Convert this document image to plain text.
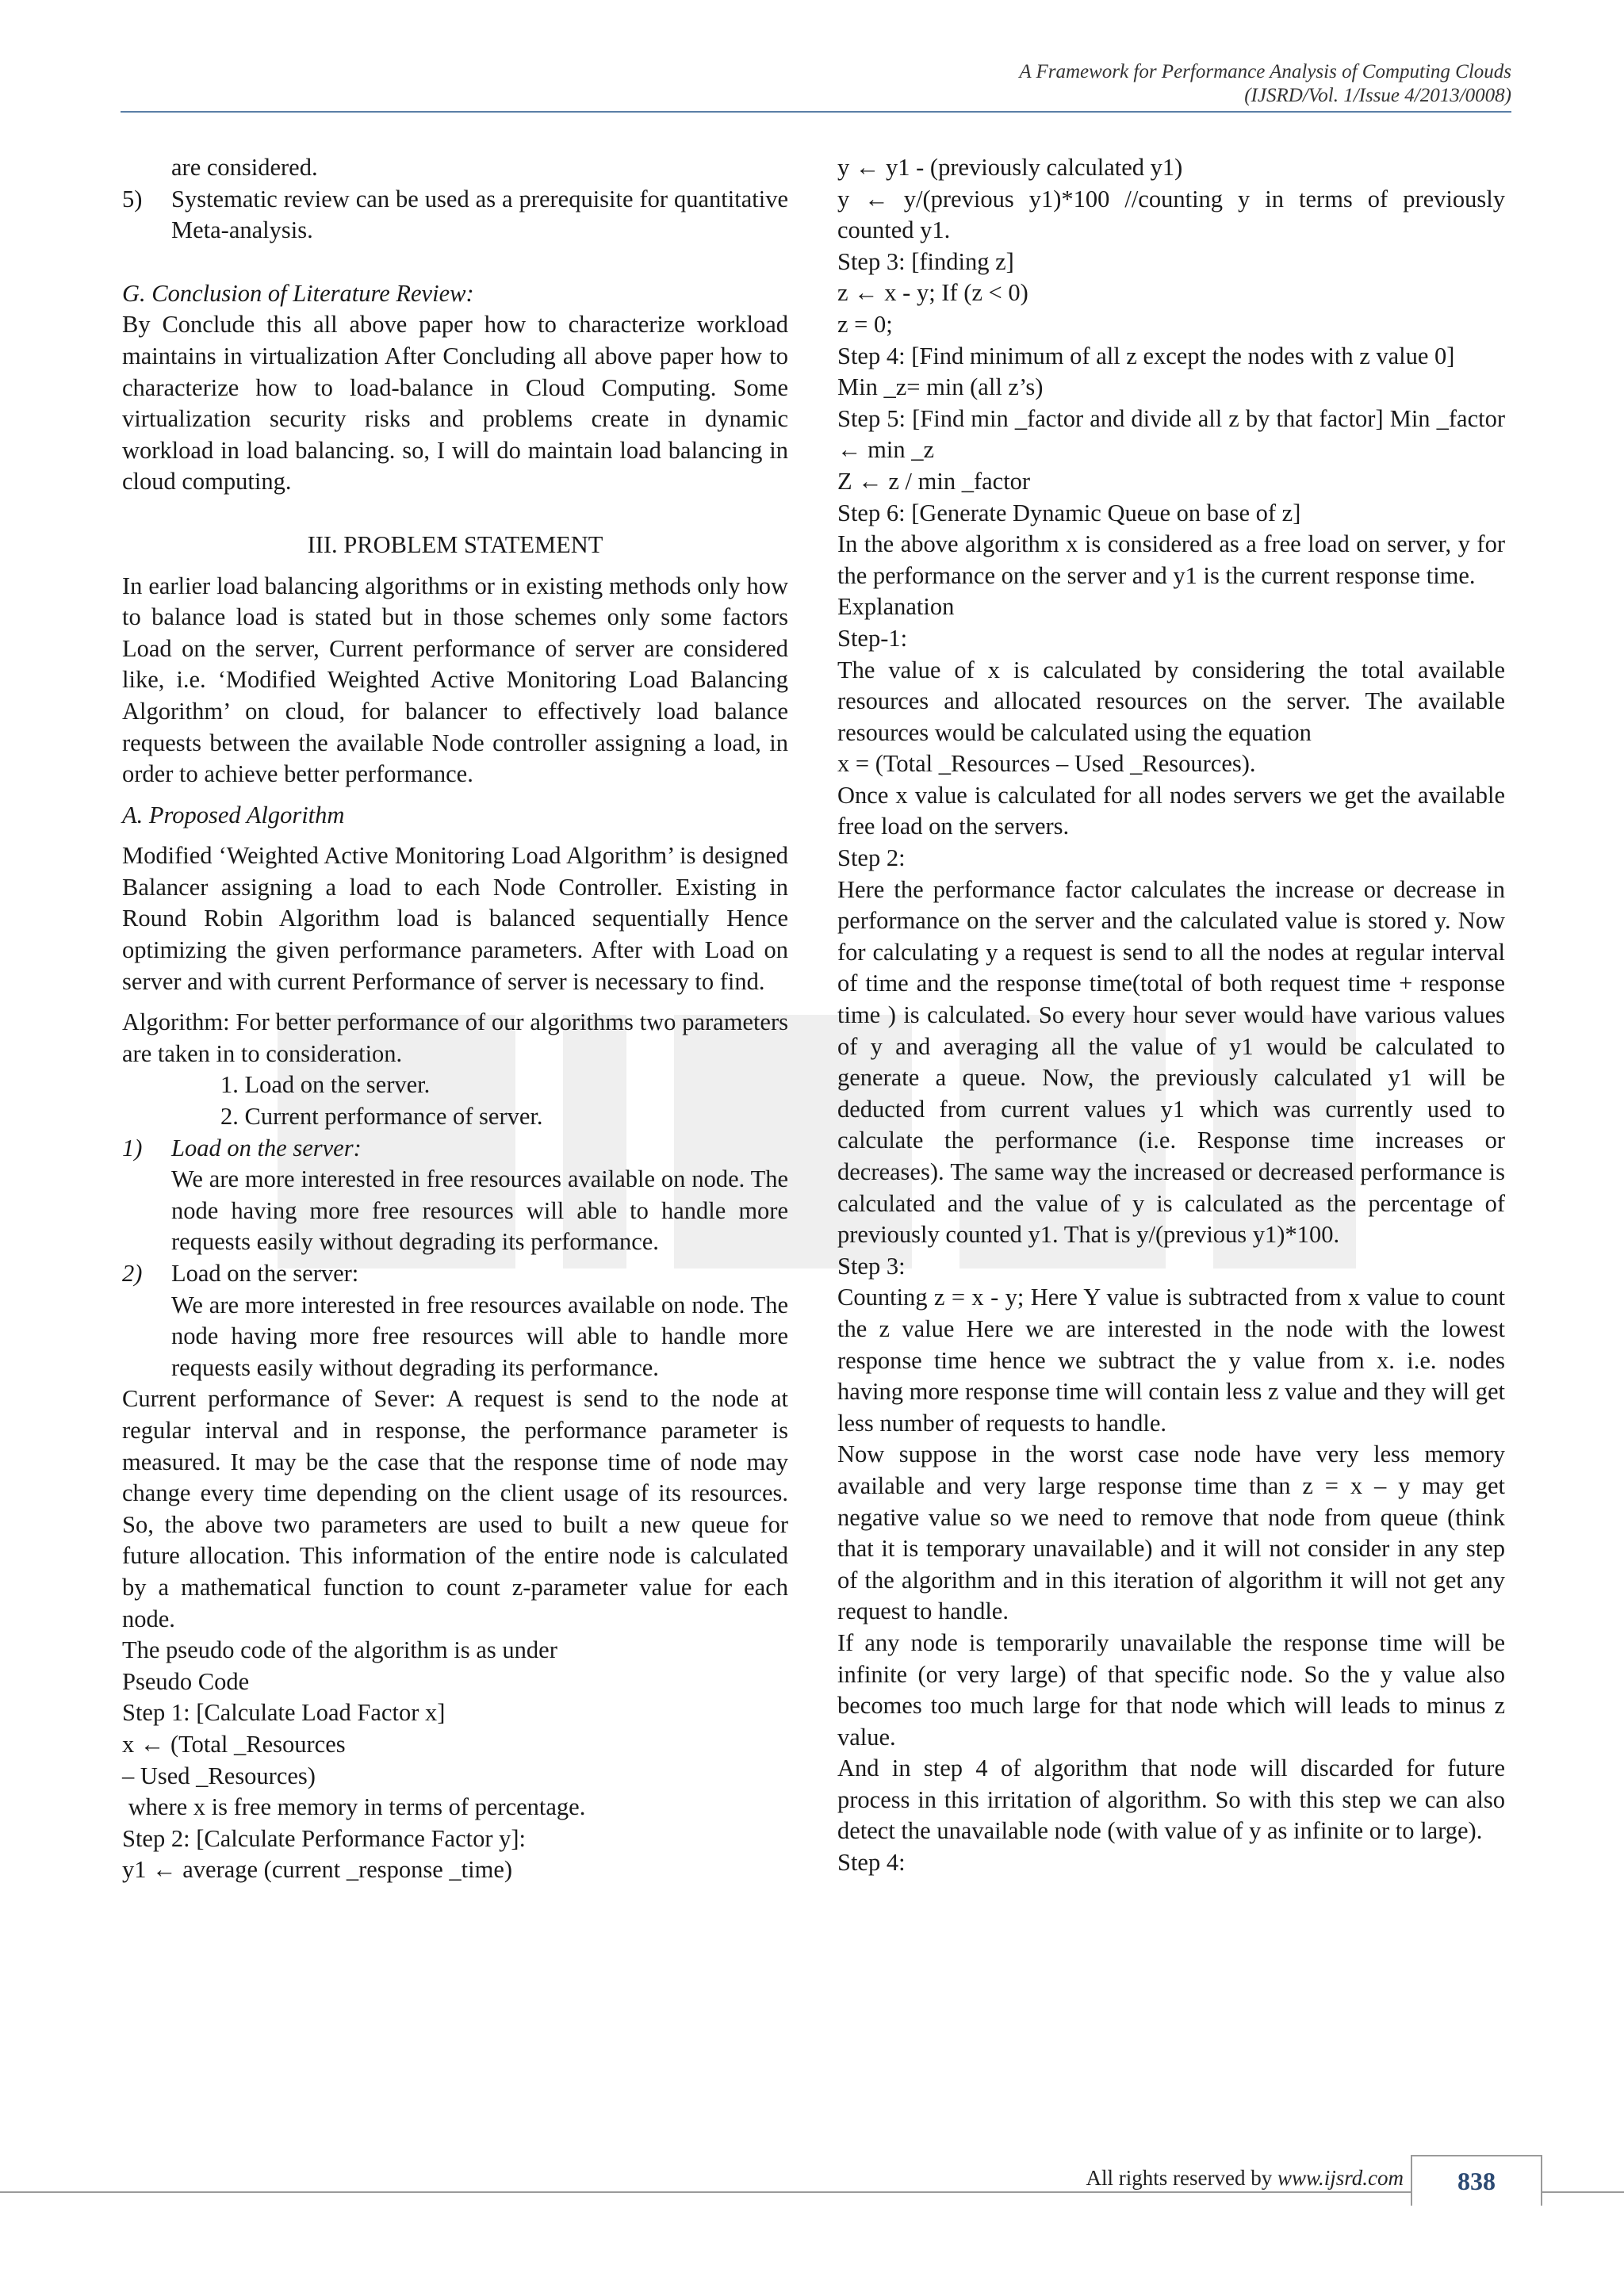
A Framework for Performance Analysis of Computing Clouds
(IJSRD/Vol. 1/Issue 4/2013/0008)

are considered.

5)	Systematic review can be used as a prerequisite for quantitative Meta-analysis.

G. Conclusion of Literature Review:

By Conclude this all above paper how to characterize workload maintains in virtualization After Concluding all above paper how to characterize how to load-balance in Cloud Computing. Some virtualization security risks and problems create in dynamic workload in load balancing. so, I will do maintain load balancing in cloud computing.

III. PROBLEM STATEMENT

In earlier load balancing algorithms or in existing methods only how to balance load is stated but in those schemes only some factors Load on the server, Current performance of server are considered like, i.e. ‘Modified Weighted Active Monitoring Load Balancing Algorithm’ on cloud, for balancer to effectively load balance requests between the available Node controller assigning a load, in order to achieve better performance.

A. Proposed Algorithm

Modified ‘Weighted Active Monitoring Load Algorithm’ is designed Balancer assigning a load to each Node Controller. Existing in Round Robin Algorithm load is balanced sequentially Hence optimizing the given performance parameters. After with Load on server and with current Performance of server is necessary to find.

Algorithm: For better performance of our algorithms two parameters are taken in to consideration.

1. Load on the server.

2. Current performance of server.

1)	Load on the server:

We are more interested in free resources available on node. The node having more free resources will able to handle more requests easily without degrading its performance.

2)	Load on the server:

We are more interested in free resources available on node. The node having more free resources will able to handle more requests easily without degrading its performance.

Current performance of Sever: A request is send to the node at regular interval and in response, the performance parameter is measured. It may be the case that the response time of node may change every time depending on the client usage of its resources. So, the above two parameters are used to built a new queue for future allocation. This information of the entire node is calculated by a mathematical function to count z-parameter value for each node.

The pseudo code of the algorithm is as under

Pseudo Code

Step 1: [Calculate Load Factor x]

x ← (Total _Resources

– Used _Resources)

where x is free memory in terms of percentage.

Step 2: [Calculate Performance Factor y]:

y1 ← average (current _response _time)

y ← y1 - (previously calculated y1)

y ← y/(previous y1)*100 //counting y in terms of previously counted y1.

Step 3: [finding z]

z ← x - y; If (z < 0)

z = 0;

Step 4: [Find minimum of all z except the nodes with z value 0]

Min _z= min (all z’s)

Step 5: [Find min _factor and divide all z by that factor] Min _factor ← min _z

Z ← z / min _factor

Step 6: [Generate Dynamic Queue on base of z]

In the above algorithm x is considered as a free load on server, y for the performance on the server and y1 is the current response time.

Explanation

Step-1:

The value of x is calculated by considering the total available resources and allocated resources on the server. The available resources would be calculated using the equation

x = (Total _Resources – Used _Resources).

Once x value is calculated for all nodes servers we get the available free load on the servers.

Step 2:

Here the performance factor calculates the increase or decrease in performance on the server and the calculated value is stored y. Now for calculating y a request is send to all the nodes at regular interval of time and the response time(total of both request time + response time ) is calculated. So every hour sever would have various values of y and averaging all the value of y1 would be calculated to generate a queue. Now, the previously calculated y1 will be deducted from current values y1 which was currently used to calculate the performance (i.e. Response time increases or decreases). The same way the increased or decreased performance is calculated and the value of y is calculated as the percentage of previously counted y1. That is y/(previous y1)*100.

Step 3:

Counting z = x - y; Here Y value is subtracted from x value to count the z value Here we are interested in the node with the lowest response time hence we subtract the y value from x. i.e. nodes having more response time will contain less z value and they will get less number of requests to handle.

Now suppose in the worst case node have very less memory available and very large response time than z = x – y may get negative value so we need to remove that node from queue (think that it is temporary unavailable) and it will not consider in any step of the algorithm and in this iteration of algorithm it will not get any request to handle.

If any node is temporarily unavailable the response time will be infinite (or very large) of that specific node. So the y value also becomes too much large for that node which will leads to minus z value.

And in step 4 of algorithm that node will discarded for future process in this irritation of algorithm. So with this step we can also detect the unavailable node (with value of y as infinite or to large).

Step 4:

All rights reserved by www.ijsrd.com	838
